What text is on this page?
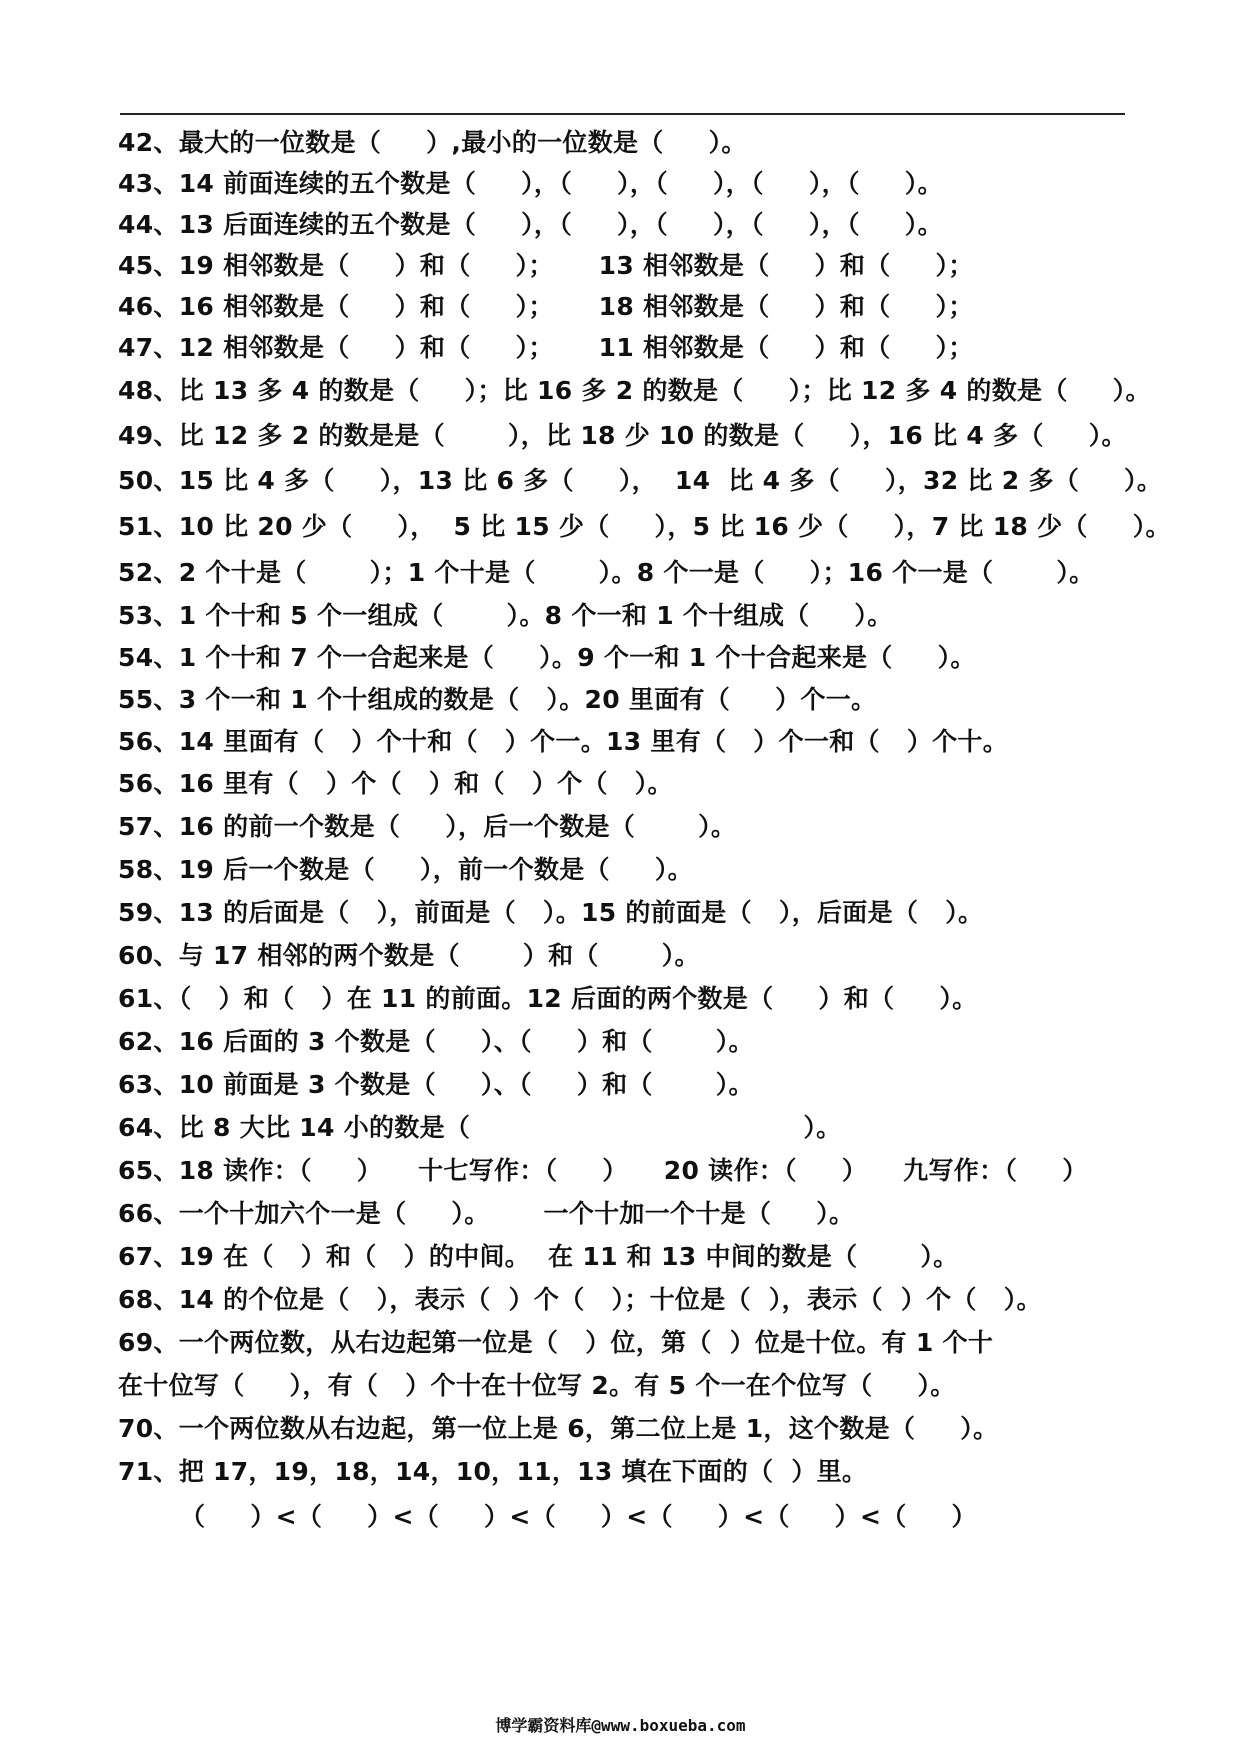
42、最大的一位数是（     ）,最小的一位数是（     ）。
43、14 前面连续的五个数是（     ），（     ），（     ），（     ），（     ）。
44、13 后面连续的五个数是（     ），（     ），（     ），（     ），（     ）。
45、19 相邻数是（     ）和（     ）；     13 相邻数是（     ）和（     ）；
46、16 相邻数是（     ）和（     ）；     18 相邻数是（     ）和（     ）；
47、12 相邻数是（     ）和（     ）；     11 相邻数是（     ）和（     ）；
48、比 13 多 4 的数是（     ）；比 16 多 2 的数是（     ）；比 12 多 4 的数是（     ）。
49、比 12 多 2 的数是是（       ），比 18 少 10 的数是（     ），16 比 4 多（     ）。
50、15 比 4 多（     ），13 比 6 多（     ），  14  比 4 多（     ），32 比 2 多（     ）。
51、10 比 20 少（     ），  5 比 15 少（     ），5 比 16 少（     ），7 比 18 少（     ）。
52、2 个十是（       ）；1 个十是（       ）。8 个一是（     ）；16 个一是（       ）。
53、1 个十和 5 个一组成（       ）。8 个一和 1 个十组成（     ）。
54、1 个十和 7 个一合起来是（     ）。9 个一和 1 个十合起来是（     ）。
55、3 个一和 1 个十组成的数是（   ）。20 里面有（     ）个一。
56、14 里面有（   ）个十和（   ）个一。13 里有（   ）个一和（   ）个十。
56、16 里有（   ）个（   ）和（   ）个（   ）。
57、16 的前一个数是（     ），后一个数是（       ）。
58、19 后一个数是（     ），前一个数是（     ）。
59、13 的后面是（   ），前面是（   ）。15 的前面是（   ），后面是（   ）。
60、与 17 相邻的两个数是（       ）和（       ）。
61、（   ）和（   ）在 11 的前面。12 后面的两个数是（     ）和（     ）。
62、16 后面的 3 个数是（     ）、（     ）和（       ）。
63、10 前面是 3 个数是（     ）、（     ）和（       ）。
64、比 8 大比 14 小的数是（                                     ）。
65、18 读作：（     ）    十七写作：（     ）    20 读作：（     ）    九写作：（     ）
66、一个十加六个一是（     ）。      一个十加一个十是（     ）。
67、19 在（   ）和（   ）的中间。  在 11 和 13 中间的数是（       ）。
68、14 的个位是（   ），表示（  ）个（   ）；十位是（  ），表示（  ）个（   ）。
69、一个两位数，从右边起第一位是（   ）位，第（  ）位是十位。有 1 个十
在十位写（     ），有（   ）个十在十位写 2。有 5 个一在个位写（     ）。
70、一个两位数从右边起，第一位上是 6，第二位上是 1，这个数是（     ）。
71、把 17，19，18，14，10，11，13 填在下面的（  ）里。
（     ）<（     ）<（     ）<（     ）<（     ）<（     ）<（     ）
博学霸资料库@www.boxueba.com
